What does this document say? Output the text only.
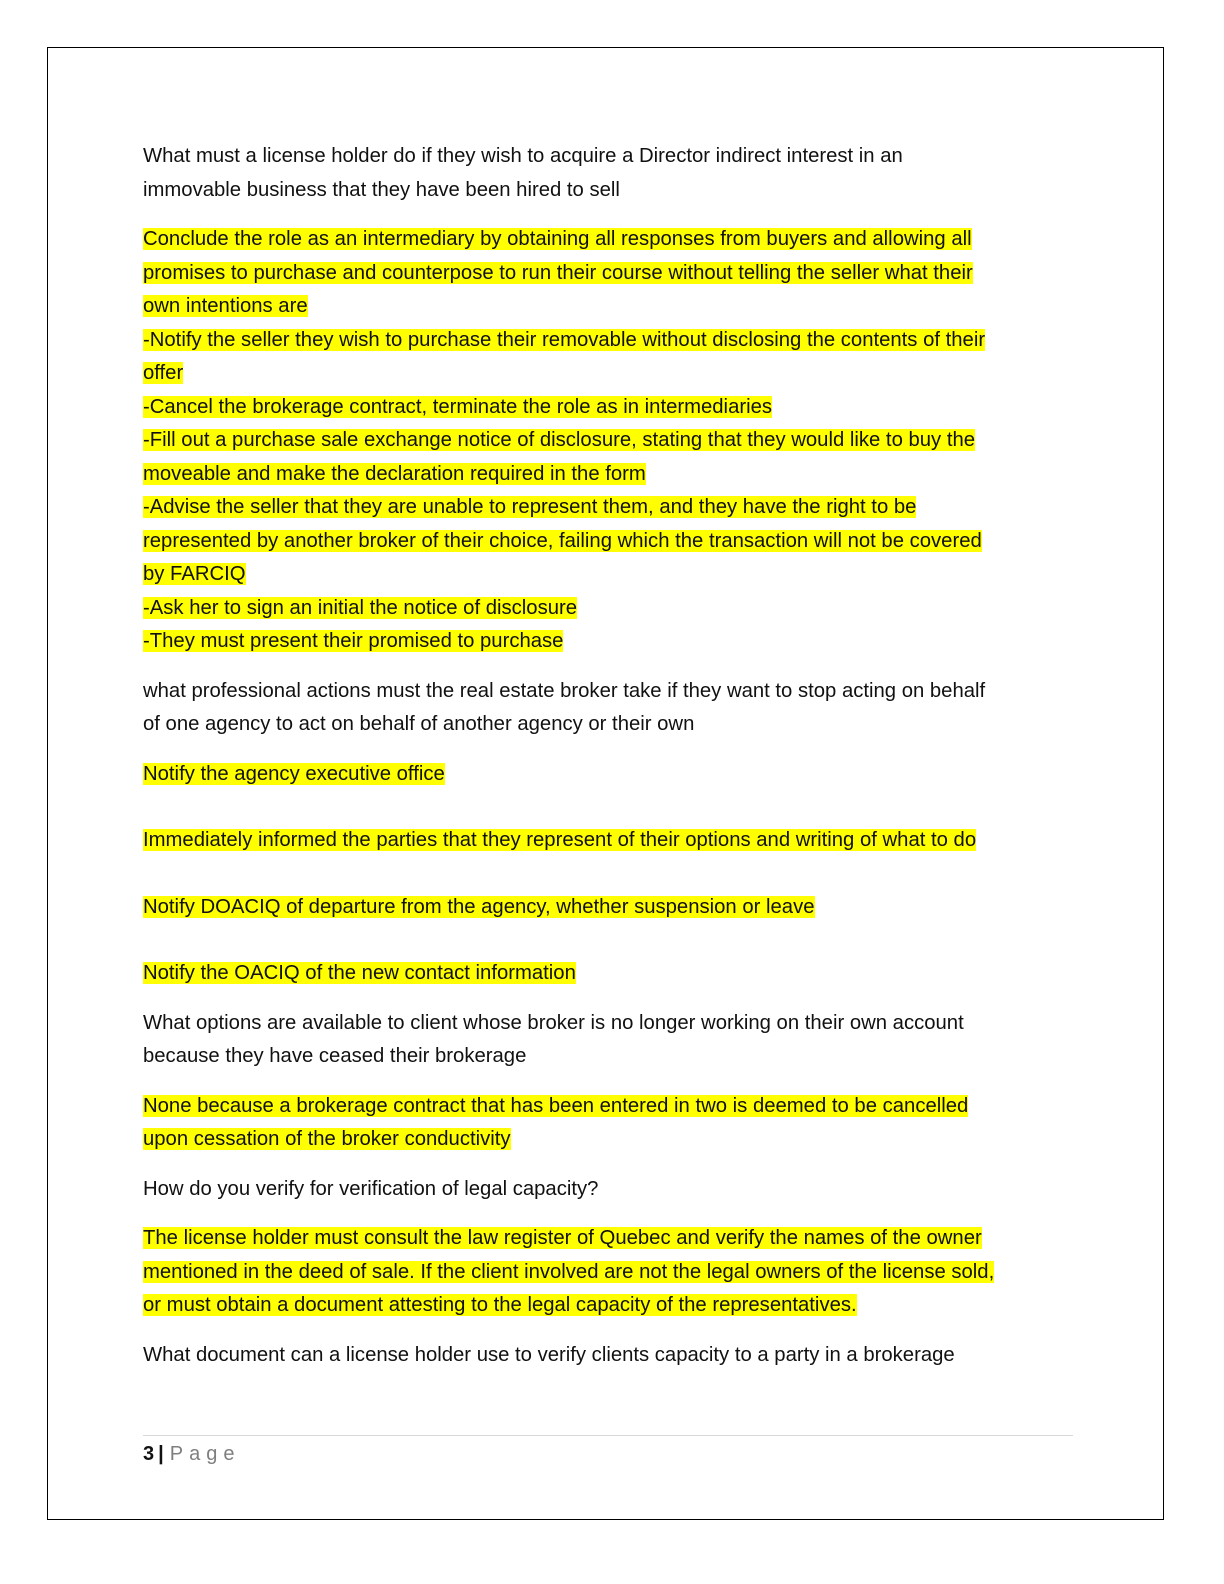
What must a license holder do if they wish to acquire a Director indirect interest in an
immovable business that they have been hired to sell
Conclude the role as an intermediary by obtaining all responses from buyers and allowing all
promises to purchase and counterpose to run their course without telling the seller what their
own intentions are
-Notify the seller they wish to purchase their removable without disclosing the contents of their
offer
-Cancel the brokerage contract, terminate the role as in intermediaries
-Fill out a purchase sale exchange notice of disclosure, stating that they would like to buy the
moveable and make the declaration required in the form
-Advise the seller that they are unable to represent them, and they have the right to be
represented by another broker of their choice, failing which the transaction will not be covered
by FARCIQ
-Ask her to sign an initial the notice of disclosure
-They must present their promised to purchase
what professional actions must the real estate broker take if they want to stop acting on behalf
of one agency to act on behalf of another agency or their own
Notify the agency executive office
Immediately informed the parties that they represent of their options and writing of what to do
Notify DOACIQ of departure from the agency, whether suspension or leave
Notify the OACIQ of the new contact information
What options are available to client whose broker is no longer working on their own account
because they have ceased their brokerage
None because a brokerage contract that has been entered in two is deemed to be cancelled
upon cessation of the broker conductivity
How do you verify for verification of legal capacity?
The license holder must consult the law register of Quebec and verify the names of the owner
mentioned in the deed of sale. If the client involved are not the legal owners of the license sold,
or must obtain a document attesting to the legal capacity of the representatives.
What document can a license holder use to verify clients capacity to a party in a brokerage
3 | Page
